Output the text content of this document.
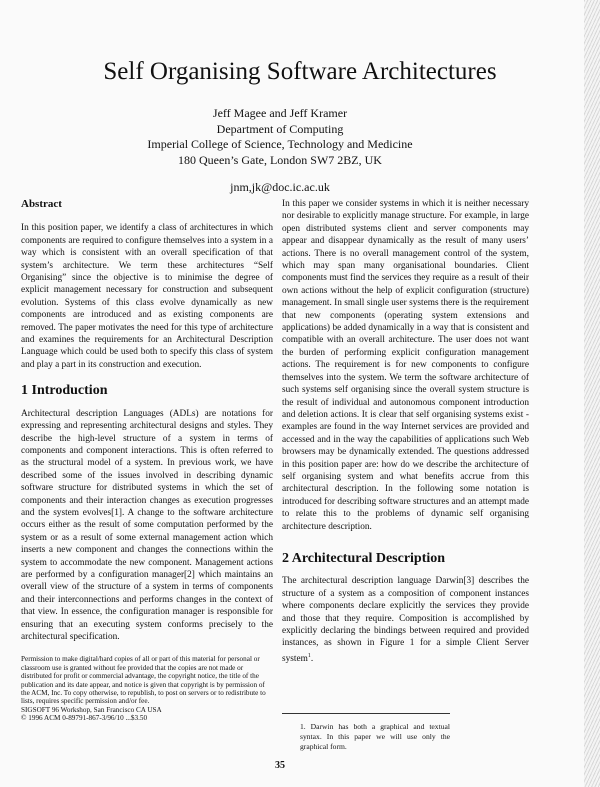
Self Organising Software Architectures
Jeff Magee and Jeff Kramer
Department of Computing
Imperial College of Science, Technology and Medicine
180 Queen’s Gate, London SW7 2BZ, UK
jnm,jk@doc.ic.ac.uk
Abstract

In this position paper, we identify a class of architectures in which components are required to configure themselves into a system in a way which is consistent with an overall specification of that system’s architecture. We term these architectures “Self Organising” since the objective is to minimise the degree of explicit management necessary for construction and subsequent evolution. Systems of this class evolve dynamically as new components are introduced and as existing components are removed. The paper motivates the need for this type of architecture and examines the requirements for an Architectural Description Language which could be used both to specify this class of system and play a part in its construction and execution.

1 Introduction

Architectural description Languages (ADLs) are notations for expressing and representing architectural designs and styles. They describe the high-level structure of a system in terms of components and component interactions. This is often referred to as the structural model of a system. In previous work, we have described some of the issues involved in describing dynamic software structure for distributed systems in which the set of components and their interaction changes as execution progresses and the system evolves[1]. A change to the software architecture occurs either as the result of some computation performed by the system or as a result of some external management action which inserts a new component and changes the connections within the system to accommodate the new component. Management actions are performed by a configuration manager[2] which maintains an overall view of the structure of a system in terms of components and their interconnections and performs changes in the context of that view. In essence, the configuration manager is responsible for ensuring that an executing system conforms precisely to the architectural specification.

Permission to make digital/hard copies of all or part of this material for personal or classroom use is granted without fee provided that the copies are not made or distributed for profit or commercial advantage, the copyright notice, the title of the publication and its date appear, and notice is given that copyright is by permission of the ACM, Inc. To copy otherwise, to republish, to post on servers or to redistribute to lists, requires specific permission and/or fee.
SIGSOFT 96 Workshop, San Francisco CA USA
© 1996 ACM 0-89791-867-3/96/10 ...$3.50

In this paper we consider systems in which it is neither necessary nor desirable to explicitly manage structure. For example, in large open distributed systems client and server components may appear and disappear dynamically as the result of many users’ actions. There is no overall management control of the system, which may span many organisational boundaries. Client components must find the services they require as a result of their own actions without the help of explicit configuration (structure) management. In small single user systems there is the requirement that new components (operating system extensions and applications) be added dynamically in a way that is consistent and compatible with an overall architecture. The user does not want the burden of performing explicit configuration management actions. The requirement is for new components to configure themselves into the system. We term the software architecture of such systems self organising since the overall system structure is the result of individual and autonomous component introduction and deletion actions. It is clear that self organising systems exist - examples are found in the way Internet services are provided and accessed and in the way the capabilities of applications such Web browsers may be dynamically extended. The questions addressed in this position paper are: how do we describe the architecture of self organising system and what benefits accrue from this architectural description. In the following some notation is introduced for describing software structures and an attempt made to relate this to the problems of dynamic self organising architecture description.

2 Architectural Description

The architectural description language Darwin[3] describes the structure of a system as a composition of component instances where components declare explicitly the services they provide and those that they require. Composition is accomplished by explicitly declaring the bindings between required and provided instances, as shown in Figure 1 for a simple Client Server system$^1$.

1. Darwin has both a graphical and textual syntax. In this paper we will use only the graphical form.
35
